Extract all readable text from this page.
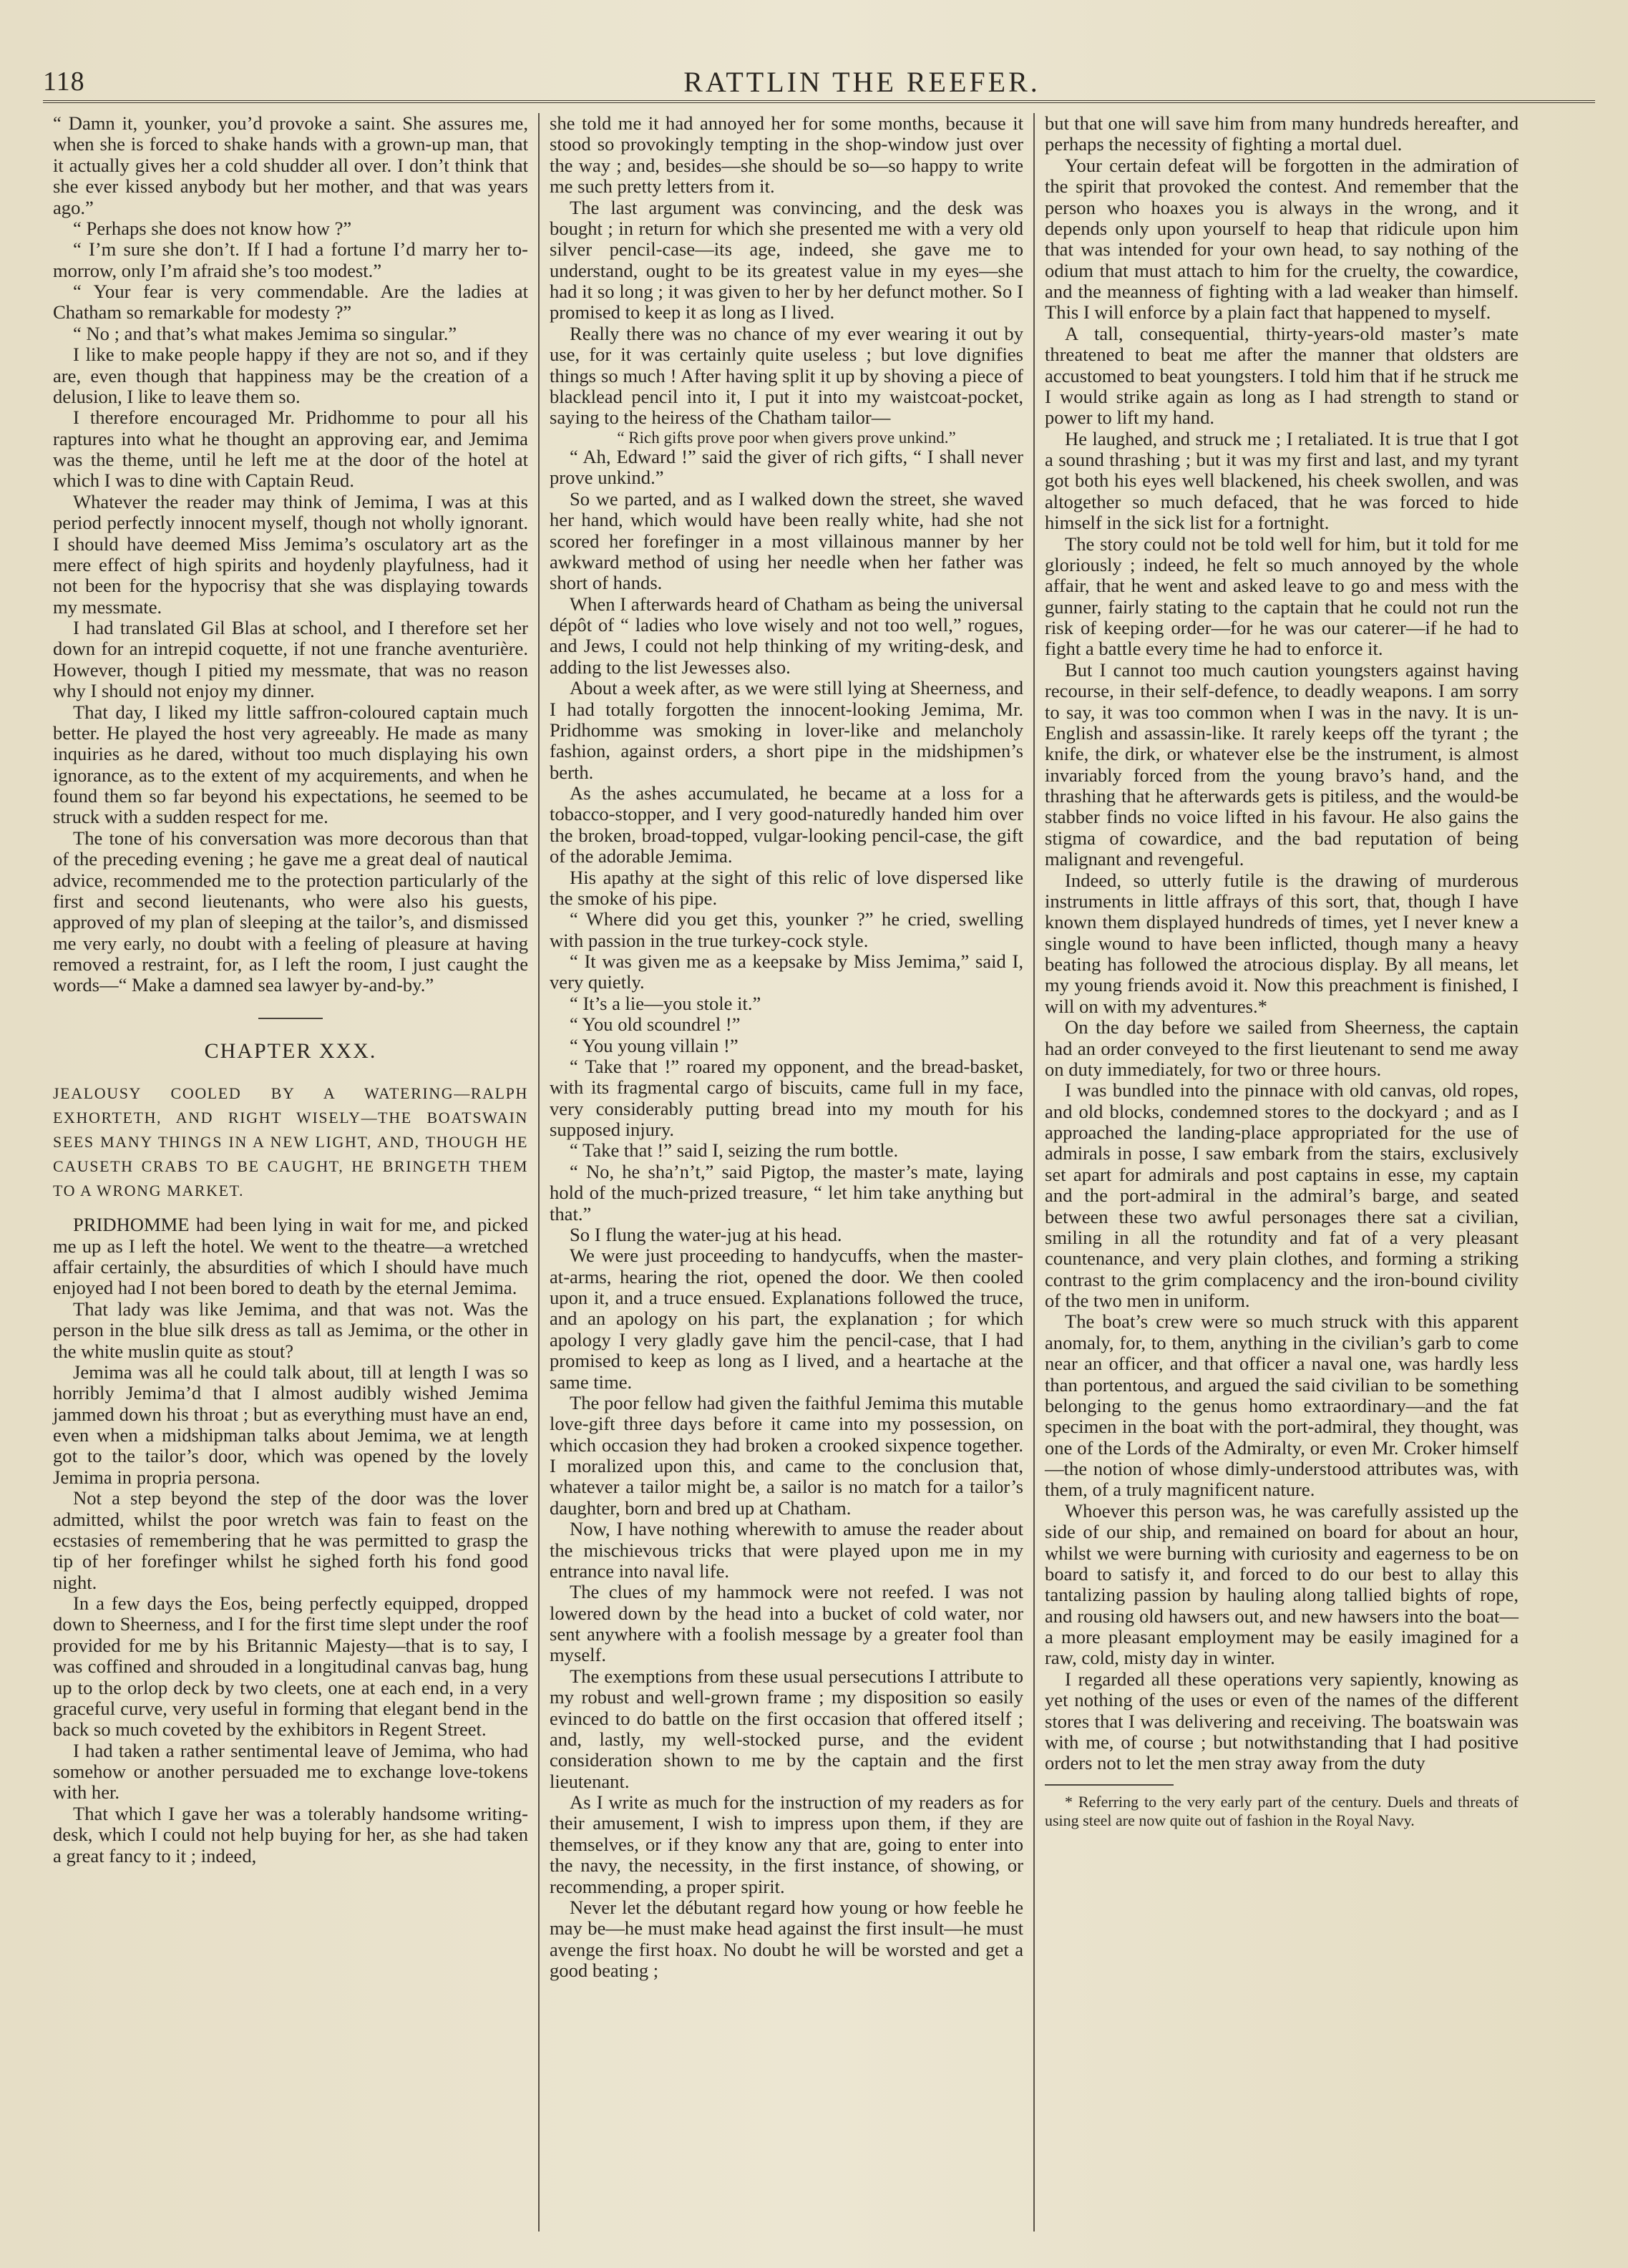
118	RATTLIN THE REEFER.

“ Damn it, younker, you’d provoke a saint. She assures me, when she is forced to shake hands with a grown-up man, that it actually gives her a cold shudder all over. I don’t think that she ever kissed anybody but her mother, and that was years ago.”

“ Perhaps she does not know how ?”

“ I’m sure she don’t. If I had a fortune I’d marry her to-morrow, only I’m afraid she’s too modest.”

“ Your fear is very commendable. Are the ladies at Chatham so remarkable for modesty ?”

“ No ; and that’s what makes Jemima so singular.”

I like to make people happy if they are not so, and if they are, even though that happiness may be the creation of a delusion, I like to leave them so.

I therefore encouraged Mr. Pridhomme to pour all his raptures into what he thought an approving ear, and Jemima was the theme, until he left me at the door of the hotel at which I was to dine with Captain Reud.

Whatever the reader may think of Jemima, I was at this period perfectly innocent myself, though not wholly ignorant. I should have deemed Miss Jemima’s osculatory art as the mere effect of high spirits and hoydenly playfulness, had it not been for the hypocrisy that she was displaying towards my messmate.

I had translated Gil Blas at school, and I therefore set her down for an intrepid coquette, if not une franche aventurière. However, though I pitied my messmate, that was no reason why I should not enjoy my dinner.

That day, I liked my little saffron-coloured captain much better. He played the host very agreeably. He made as many inquiries as he dared, without too much displaying his own ignorance, as to the extent of my acquirements, and when he found them so far beyond his expectations, he seemed to be struck with a sudden respect for me.

The tone of his conversation was more decorous than that of the preceding evening ; he gave me a great deal of nautical advice, recommended me to the protection particularly of the first and second lieutenants, who were also his guests, approved of my plan of sleeping at the tailor’s, and dismissed me very early, no doubt with a feeling of pleasure at having removed a restraint, for, as I left the room, I just caught the words—“ Make a damned sea lawyer by-and-by.”

CHAPTER XXX.
JEALOUSY COOLED BY A WATERING—RALPH EXHORTETH, AND RIGHT WISELY—THE BOATSWAIN SEES MANY THINGS IN A NEW LIGHT, AND, THOUGH HE CAUSETH CRABS TO BE CAUGHT, HE BRINGETH THEM TO A WRONG MARKET.

PRIDHOMME had been lying in wait for me, and picked me up as I left the hotel. We went to the theatre—a wretched affair certainly, the absurdities of which I should have much enjoyed had I not been bored to death by the eternal Jemima.

That lady was like Jemima, and that was not. Was the person in the blue silk dress as tall as Jemima, or the other in the white muslin quite as stout?

Jemima was all he could talk about, till at length I was so horribly Jemima’d that I almost audibly wished Jemima jammed down his throat ; but as everything must have an end, even when a midshipman talks about Jemima, we at length got to the tailor’s door, which was opened by the lovely Jemima in propria persona.

Not a step beyond the step of the door was the lover admitted, whilst the poor wretch was fain to feast on the ecstasies of remembering that he was permitted to grasp the tip of her forefinger whilst he sighed forth his fond good night.

In a few days the Eos, being perfectly equipped, dropped down to Sheerness, and I for the first time slept under the roof provided for me by his Britannic Majesty—that is to say, I was coffined and shrouded in a longitudinal canvas bag, hung up to the orlop deck by two cleets, one at each end, in a very graceful curve, very useful in forming that elegant bend in the back so much coveted by the exhibitors in Regent Street.

I had taken a rather sentimental leave of Jemima, who had somehow or another persuaded me to exchange love-tokens with her.

That which I gave her was a tolerably handsome writing-desk, which I could not help buying for her, as she had taken a great fancy to it ; indeed,

she told me it had annoyed her for some months, because it stood so provokingly tempting in the shop-window just over the way ; and, besides—she should be so—so happy to write me such pretty letters from it.

The last argument was convincing, and the desk was bought ; in return for which she presented me with a very old silver pencil-case—its age, indeed, she gave me to understand, ought to be its greatest value in my eyes—she had it so long ; it was given to her by her defunct mother. So I promised to keep it as long as I lived.

Really there was no chance of my ever wearing it out by use, for it was certainly quite useless ; but love dignifies things so much ! After having split it up by shoving a piece of blacklead pencil into it, I put it into my waistcoat-pocket, saying to the heiress of the Chatham tailor—

“ Rich gifts prove poor when givers prove unkind.”

“ Ah, Edward !” said the giver of rich gifts, “ I shall never prove unkind.”

So we parted, and as I walked down the street, she waved her hand, which would have been really white, had she not scored her forefinger in a most villainous manner by her awkward method of using her needle when her father was short of hands.

When I afterwards heard of Chatham as being the universal dépôt of “ ladies who love wisely and not too well,” rogues, and Jews, I could not help thinking of my writing-desk, and adding to the list Jewesses also.

About a week after, as we were still lying at Sheerness, and I had totally forgotten the innocent-looking Jemima, Mr. Pridhomme was smoking in lover-like and melancholy fashion, against orders, a short pipe in the midshipmen’s berth.

As the ashes accumulated, he became at a loss for a tobacco-stopper, and I very good-naturedly handed him over the broken, broad-topped, vulgar-looking pencil-case, the gift of the adorable Jemima.

His apathy at the sight of this relic of love dispersed like the smoke of his pipe.

“ Where did you get this, younker ?” he cried, swelling with passion in the true turkey-cock style.

“ It was given me as a keepsake by Miss Jemima,” said I, very quietly.

“ It’s a lie—you stole it.”

“ You old scoundrel !”

“ You young villain !”

“ Take that !” roared my opponent, and the bread-basket, with its fragmental cargo of biscuits, came full in my face, very considerably putting bread into my mouth for his supposed injury.

“ Take that !” said I, seizing the rum bottle.

“ No, he sha’n’t,” said Pigtop, the master’s mate, laying hold of the much-prized treasure, “ let him take anything but that.”

So I flung the water-jug at his head.

We were just proceeding to handycuffs, when the master-at-arms, hearing the riot, opened the door. We then cooled upon it, and a truce ensued. Explanations followed the truce, and an apology on his part, the explanation ; for which apology I very gladly gave him the pencil-case, that I had promised to keep as long as I lived, and a heartache at the same time.

The poor fellow had given the faithful Jemima this mutable love-gift three days before it came into my possession, on which occasion they had broken a crooked sixpence together. I moralized upon this, and came to the conclusion that, whatever a tailor might be, a sailor is no match for a tailor’s daughter, born and bred up at Chatham.

Now, I have nothing wherewith to amuse the reader about the mischievous tricks that were played upon me in my entrance into naval life.

The clues of my hammock were not reefed. I was not lowered down by the head into a bucket of cold water, nor sent anywhere with a foolish message by a greater fool than myself.

The exemptions from these usual persecutions I attribute to my robust and well-grown frame ; my disposition so easily evinced to do battle on the first occasion that offered itself ; and, lastly, my well-stocked purse, and the evident consideration shown to me by the captain and the first lieutenant.

As I write as much for the instruction of my readers as for their amusement, I wish to impress upon them, if they are themselves, or if they know any that are, going to enter into the navy, the necessity, in the first instance, of showing, or recommending, a proper spirit.

Never let the débutant regard how young or how feeble he may be—he must make head against the first insult—he must avenge the first hoax. No doubt he will be worsted and get a good beating ;

but that one will save him from many hundreds hereafter, and perhaps the necessity of fighting a mortal duel.

Your certain defeat will be forgotten in the admiration of the spirit that provoked the contest. And remember that the person who hoaxes you is always in the wrong, and it depends only upon yourself to heap that ridicule upon him that was intended for your own head, to say nothing of the odium that must attach to him for the cruelty, the cowardice, and the meanness of fighting with a lad weaker than himself. This I will enforce by a plain fact that happened to myself.

A tall, consequential, thirty-years-old master’s mate threatened to beat me after the manner that oldsters are accustomed to beat youngsters. I told him that if he struck me I would strike again as long as I had strength to stand or power to lift my hand.

He laughed, and struck me ; I retaliated. It is true that I got a sound thrashing ; but it was my first and last, and my tyrant got both his eyes well blackened, his cheek swollen, and was altogether so much defaced, that he was forced to hide himself in the sick list for a fortnight.

The story could not be told well for him, but it told for me gloriously ; indeed, he felt so much annoyed by the whole affair, that he went and asked leave to go and mess with the gunner, fairly stating to the captain that he could not run the risk of keeping order—for he was our caterer—if he had to fight a battle every time he had to enforce it.

But I cannot too much caution youngsters against having recourse, in their self-defence, to deadly weapons. I am sorry to say, it was too common when I was in the navy. It is un-English and assassin-like. It rarely keeps off the tyrant ; the knife, the dirk, or whatever else be the instrument, is almost invariably forced from the young bravo’s hand, and the thrashing that he afterwards gets is pitiless, and the would-be stabber finds no voice lifted in his favour. He also gains the stigma of cowardice, and the bad reputation of being malignant and revengeful.

Indeed, so utterly futile is the drawing of murderous instruments in little affrays of this sort, that, though I have known them displayed hundreds of times, yet I never knew a single wound to have been inflicted, though many a heavy beating has followed the atrocious display. By all means, let my young friends avoid it. Now this preachment is finished, I will on with my adventures.*

On the day before we sailed from Sheerness, the captain had an order conveyed to the first lieutenant to send me away on duty immediately, for two or three hours.

I was bundled into the pinnace with old canvas, old ropes, and old blocks, condemned stores to the dockyard ; and as I approached the landing-place appropriated for the use of admirals in posse, I saw embark from the stairs, exclusively set apart for admirals and post captains in esse, my captain and the port-admiral in the admiral’s barge, and seated between these two awful personages there sat a civilian, smiling in all the rotundity and fat of a very pleasant countenance, and very plain clothes, and forming a striking contrast to the grim complacency and the iron-bound civility of the two men in uniform.

The boat’s crew were so much struck with this apparent anomaly, for, to them, anything in the civilian’s garb to come near an officer, and that officer a naval one, was hardly less than portentous, and argued the said civilian to be something belonging to the genus homo extraordinary—and the fat specimen in the boat with the port-admiral, they thought, was one of the Lords of the Admiralty, or even Mr. Croker himself—the notion of whose dimly-understood attributes was, with them, of a truly magnificent nature.

Whoever this person was, he was carefully assisted up the side of our ship, and remained on board for about an hour, whilst we were burning with curiosity and eagerness to be on board to satisfy it, and forced to do our best to allay this tantalizing passion by hauling along tallied bights of rope, and rousing old hawsers out, and new hawsers into the boat—a more pleasant employment may be easily imagined for a raw, cold, misty day in winter.

I regarded all these operations very sapiently, knowing as yet nothing of the uses or even of the names of the different stores that I was delivering and receiving. The boatswain was with me, of course ; but notwithstanding that I had positive orders not to let the men stray away from the duty

* Referring to the very early part of the century. Duels and threats of using steel are now quite out of fashion in the Royal Navy.
